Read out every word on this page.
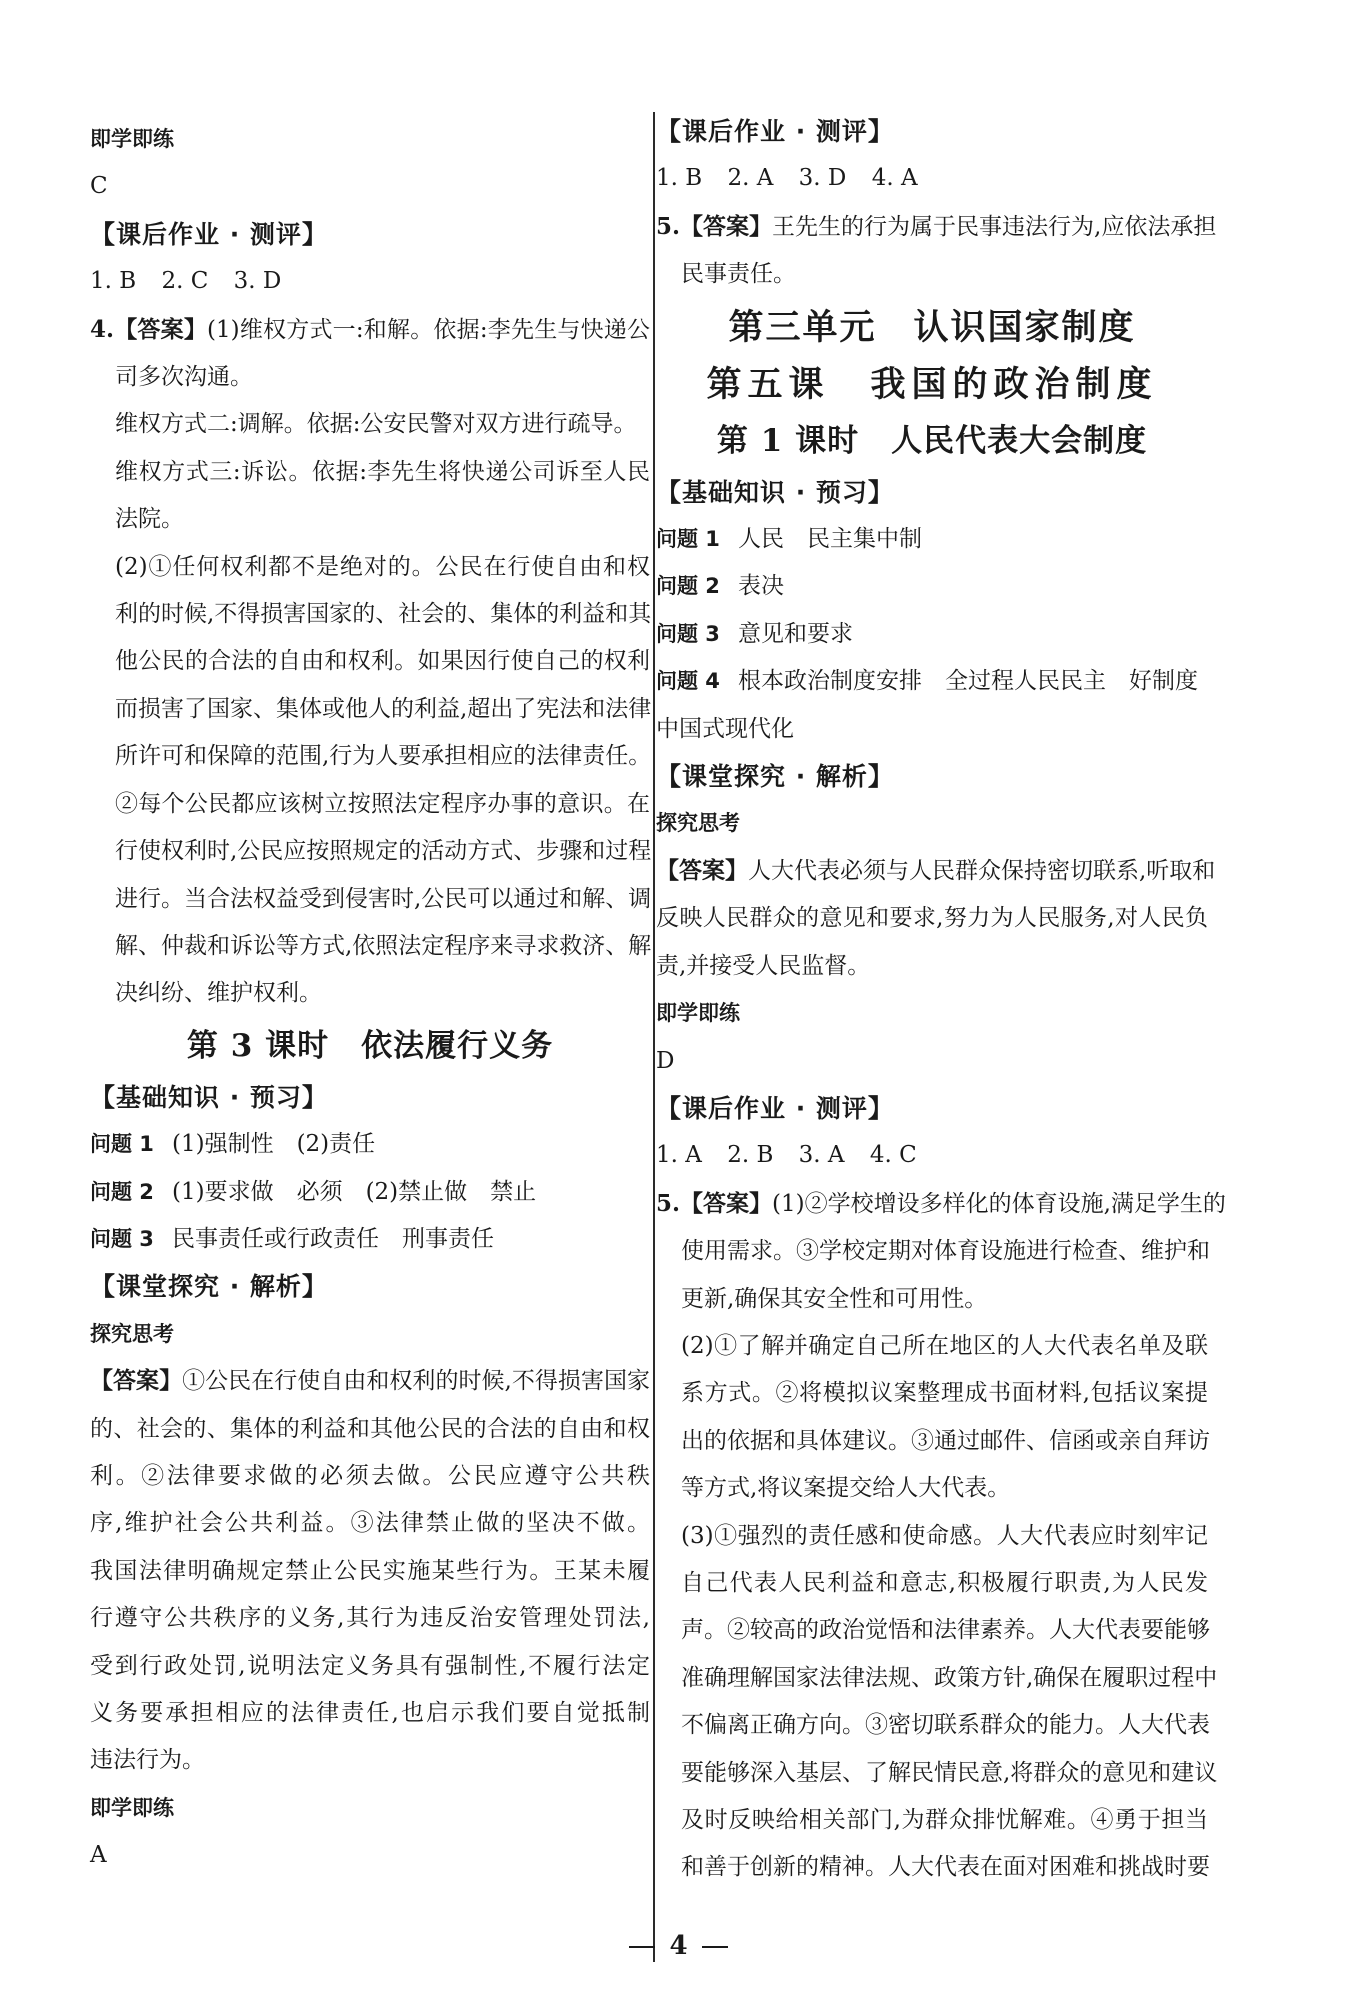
即学即练
C
【课后作业 · 测评】
1. B 2. C 3. D
4.【答案】(1)维权方式一:和解。依据:李先生与快递公
司多次沟通。
维权方式二:调解。依据:公安民警对双方进行疏导。
维权方式三:诉讼。依据:李先生将快递公司诉至人民
法院。
(2)①任何权利都不是绝对的。公民在行使自由和权
利的时候,不得损害国家的、社会的、集体的利益和其
他公民的合法的自由和权利。如果因行使自己的权利
而损害了国家、集体或他人的利益,超出了宪法和法律
所许可和保障的范围,行为人要承担相应的法律责任。
②每个公民都应该树立按照法定程序办事的意识。在
行使权利时,公民应按照规定的活动方式、步骤和过程
进行。当合法权益受到侵害时,公民可以通过和解、调
解、仲裁和诉讼等方式,依照法定程序来寻求救济、解
决纠纷、维护权利。
第 3 课时　依法履行义务
【基础知识 · 预习】
问题 1 (1)强制性　(2)责任
问题 2 (1)要求做　必须　(2)禁止做　禁止
问题 3 民事责任或行政责任　刑事责任
【课堂探究 · 解析】
探究思考
【答案】①公民在行使自由和权利的时候,不得损害国家
的、社会的、集体的利益和其他公民的合法的自由和权
利。②法律要求做的必须去做。公民应遵守公共秩
序,维护社会公共利益。③法律禁止做的坚决不做。
我国法律明确规定禁止公民实施某些行为。王某未履
行遵守公共秩序的义务,其行为违反治安管理处罚法,
受到行政处罚,说明法定义务具有强制性,不履行法定
义务要承担相应的法律责任,也启示我们要自觉抵制
违法行为。
即学即练
A
【课后作业 · 测评】
1. B 2. A 3. D 4. A
5.【答案】王先生的行为属于民事违法行为,应依法承担
民事责任。
第三单元　认识国家制度
第五课　我国的政治制度
第 1 课时　人民代表大会制度
【基础知识 · 预习】
问题 1 人民　民主集中制
问题 2 表决
问题 3 意见和要求
问题 4 根本政治制度安排　全过程人民民主　好制度
中国式现代化
【课堂探究 · 解析】
探究思考
【答案】人大代表必须与人民群众保持密切联系,听取和
反映人民群众的意见和要求,努力为人民服务,对人民负
责,并接受人民监督。
即学即练
D
【课后作业 · 测评】
1. A 2. B 3. A 4. C
5.【答案】(1)②学校增设多样化的体育设施,满足学生的
使用需求。③学校定期对体育设施进行检查、维护和
更新,确保其安全性和可用性。
(2)①了解并确定自己所在地区的人大代表名单及联
系方式。②将模拟议案整理成书面材料,包括议案提
出的依据和具体建议。③通过邮件、信函或亲自拜访
等方式,将议案提交给人大代表。
(3)①强烈的责任感和使命感。人大代表应时刻牢记
自己代表人民利益和意志,积极履行职责,为人民发
声。②较高的政治觉悟和法律素养。人大代表要能够
准确理解国家法律法规、政策方针,确保在履职过程中
不偏离正确方向。③密切联系群众的能力。人大代表
要能够深入基层、了解民情民意,将群众的意见和建议
及时反映给相关部门,为群众排忧解难。④勇于担当
和善于创新的精神。人大代表在面对困难和挑战时要
4
